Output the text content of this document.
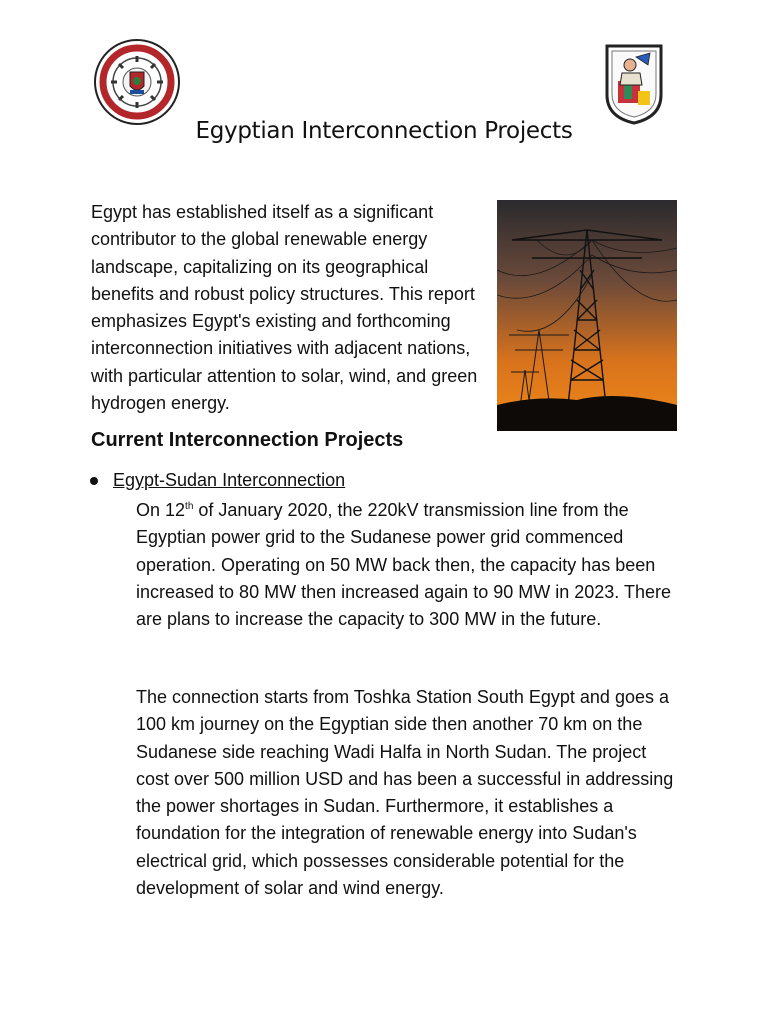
Egyptian Interconnection Projects
Egypt has established itself as a significant contributor to the global renewable energy landscape, capitalizing on its geographical benefits and robust policy structures. This report emphasizes Egypt's existing and forthcoming interconnection initiatives with adjacent nations, with particular attention to solar, wind, and green hydrogen energy.
Current Interconnection Projects
Egypt-Sudan Interconnection
On 12th of January 2020, the 220kV transmission line from the Egyptian power grid to the Sudanese power grid commenced operation. Operating on 50 MW back then, the capacity has been increased to 80 MW then increased again to 90 MW in 2023. There are plans to increase the capacity to 300 MW in the future.
The connection starts from Toshka Station South Egypt and goes a 100 km journey on the Egyptian side then another 70 km on the Sudanese side reaching Wadi Halfa in North Sudan. The project cost over 500 million USD and has been a successful in addressing the power shortages in Sudan. Furthermore, it establishes a foundation for the integration of renewable energy into Sudan's electrical grid, which possesses considerable potential for the development of solar and wind energy.
